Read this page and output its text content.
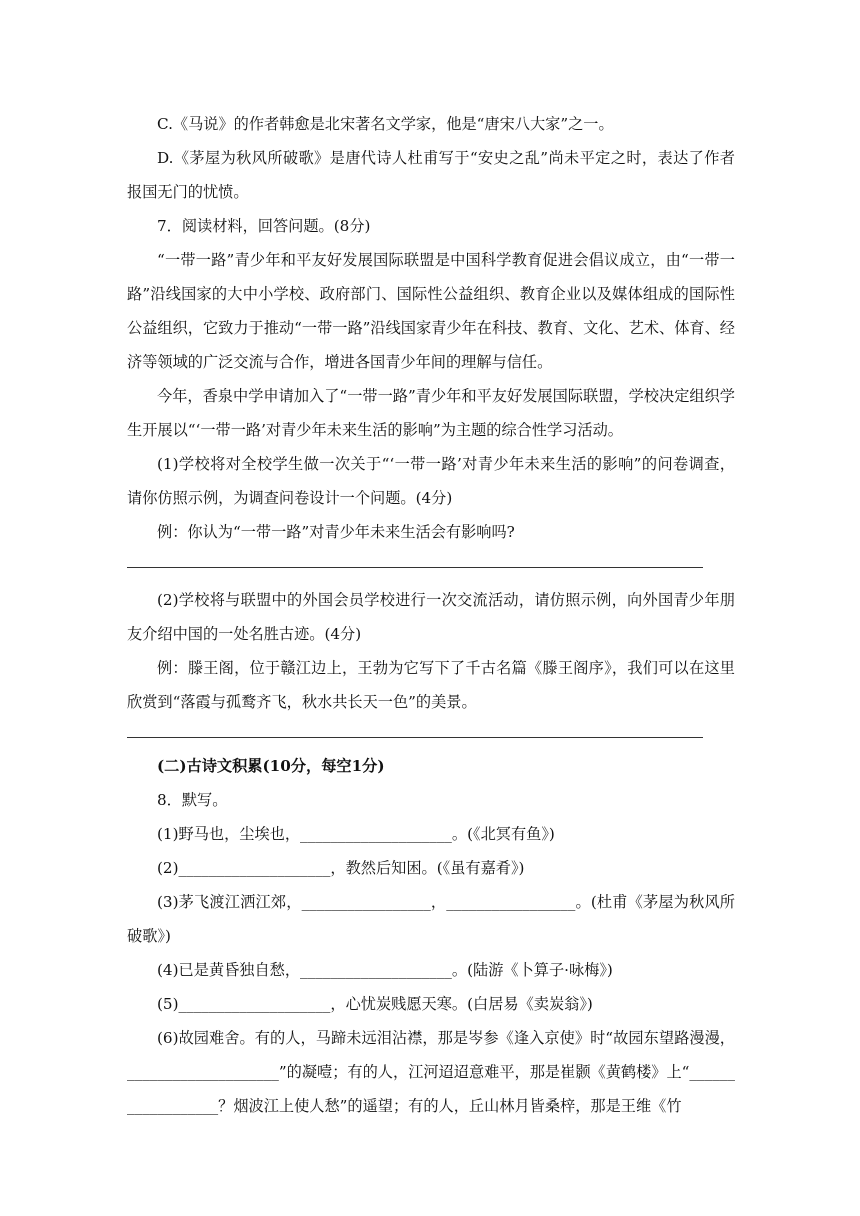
C.《马说》的作者韩愈是北宋著名文学家，他是“唐宋八大家”之一。
D.《茅屋为秋风所破歌》是唐代诗人杜甫写于“安史之乱”尚未平定之时，表达了作者报国无门的忧愤。
7．阅读材料，回答问题。(8分)
“一带一路”青少年和平友好发展国际联盟是中国科学教育促进会倡议成立，由“一带一路”沿线国家的大中小学校、政府部门、国际性公益组织、教育企业以及媒体组成的国际性公益组织，它致力于推动“一带一路”沿线国家青少年在科技、教育、文化、艺术、体育、经济等领域的广泛交流与合作，增进各国青少年间的理解与信任。
今年，香泉中学申请加入了“一带一路”青少年和平友好发展国际联盟，学校决定组织学生开展以“‘一带一路’对青少年未来生活的影响”为主题的综合性学习活动。
(1)学校将对全校学生做一次关于“‘一带一路’对青少年未来生活的影响”的问卷调查，请你仿照示例，为调查问卷设计一个问题。(4分)
例：你认为“一带一路”对青少年未来生活会有影响吗?
(2)学校将与联盟中的外国会员学校进行一次交流活动，请仿照示例，向外国青少年朋友介绍中国的一处名胜古迹。(4分)
例：滕王阁，位于赣江边上，王勃为它写下了千古名篇《滕王阁序》，我们可以在这里欣赏到“落霞与孤鹜齐飞，秋水共长天一色”的美景。
(二)古诗文积累(10分，每空1分)
8．默写。
(1)野马也，尘埃也，____________________。(《北冥有鱼》)
(2)____________________，教然后知困。(《虽有嘉肴》)
(3)茅飞渡江洒江郊，_________________，_________________。(杜甫《茅屋为秋风所破歌》)
(4)已是黄昏独自愁，____________________。(陆游《卜算子·咏梅》)
(5)____________________，心忧炭贱愿天寒。(白居易《卖炭翁》)
(6)故园难舍。有的人，马蹄未远泪沾襟，那是岑参《逢入京使》时“故园东望路漫漫，____________________”的凝噎；有的人，江河迢迢意难平，那是崔颢《黄鹤楼》上“__________________？烟波江上使人愁”的遥望；有的人，丘山林月皆桑梓，那是王维《竹
